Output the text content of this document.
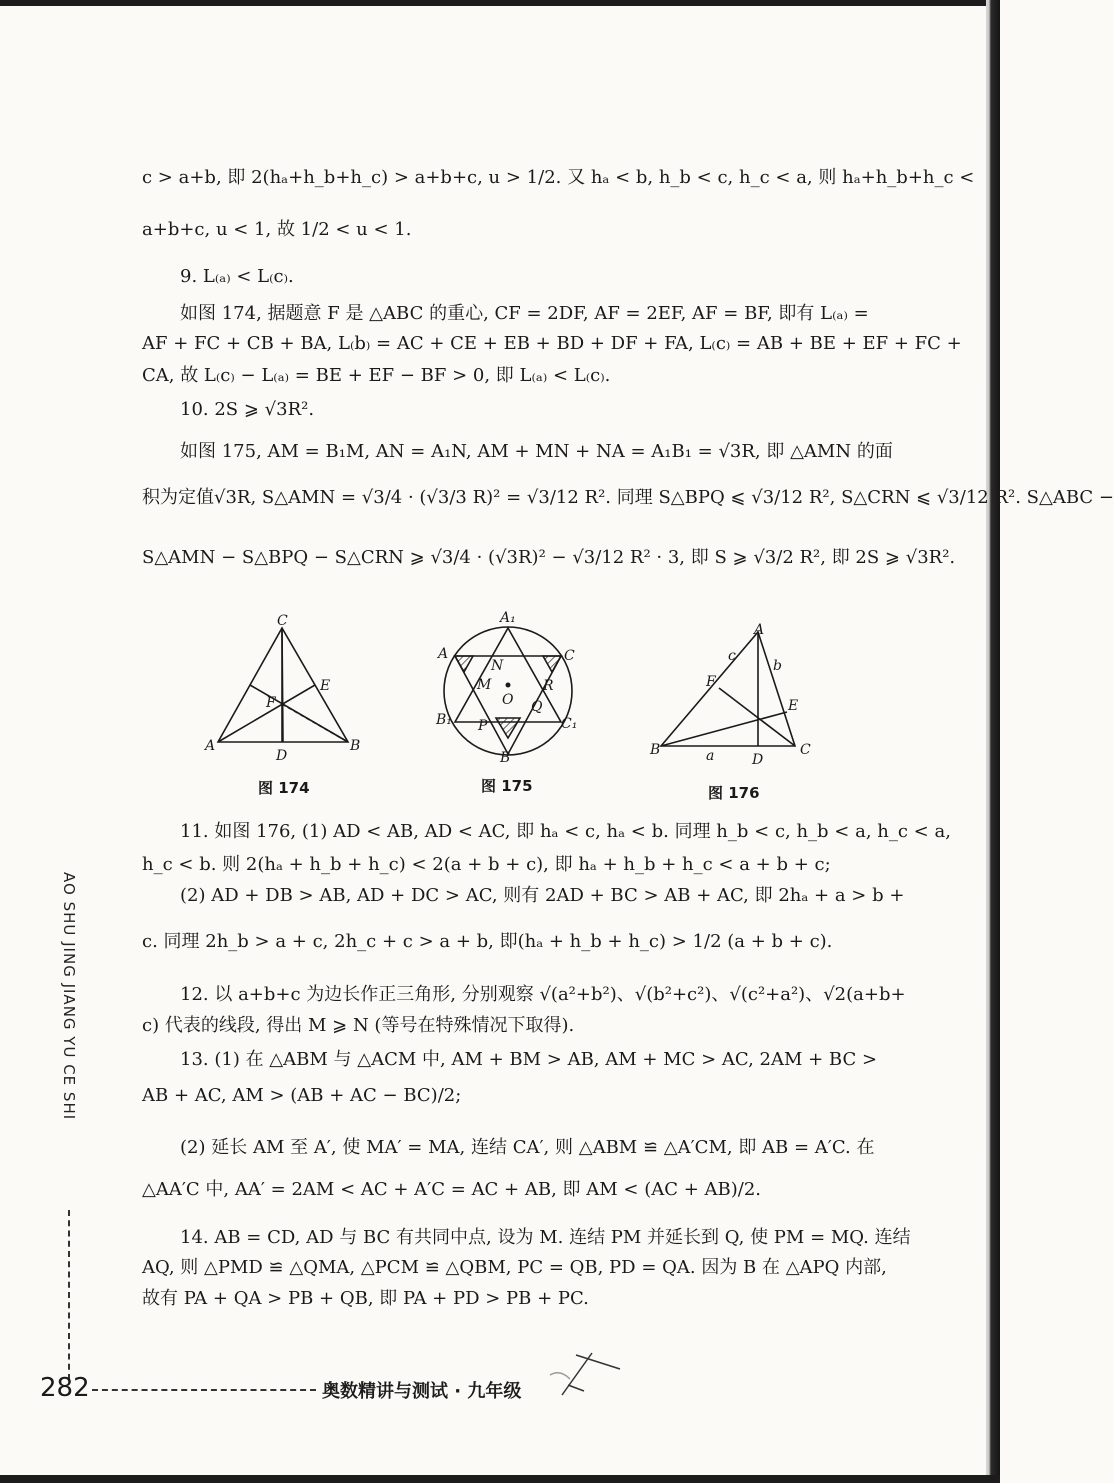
c > a+b, 即 2(hₐ+h_b+h_c) > a+b+c, u > 1/2. 又 hₐ < b, h_b < c, h_c < a, 则 hₐ+h_b+h_c <
a+b+c, u < 1, 故 1/2 < u < 1.
9. L₍ₐ₎ < L₍c₎.
如图 174, 据题意 F 是 △ABC 的重心, CF = 2DF, AF = 2EF, AF = BF, 即有 L₍ₐ₎ =
AF + FC + CB + BA, L₍b₎ = AC + CE + EB + BD + DF + FA, L₍c₎ = AB + BE + EF + FC +
CA, 故 L₍c₎ − L₍ₐ₎ = BE + EF − BF > 0, 即 L₍ₐ₎ < L₍c₎.
10. 2S ⩾ √3R².
如图 175, AM = B₁M, AN = A₁N, AM + MN + NA = A₁B₁ = √3R, 即 △AMN 的面
积为定值√3R, S△AMN = √3/4 · (√3/3 R)² = √3/12 R². 同理 S△BPQ ⩽ √3/12 R², S△CRN ⩽ √3/12 R². S△ABC −
S△AMN − S△BPQ − S△CRN ⩾ √3/4 · (√3R)² − √3/12 R² · 3, 即 S ⩾ √3/2 R², 即 2S ⩾ √3R².
C
E
F
A
D
B
图 174
A₁
A	C
N
M
O
R
Q
P
B₁	C₁
B
图 175
A
c
b
F
E
B	a	D
C
图 176
11. 如图 176, (1) AD < AB, AD < AC, 即 hₐ < c, hₐ < b. 同理 h_b < c, h_b < a, h_c < a,
h_c < b. 则 2(hₐ + h_b + h_c) < 2(a + b + c), 即 hₐ + h_b + h_c < a + b + c;
(2) AD + DB > AB, AD + DC > AC, 则有 2AD + BC > AB + AC, 即 2hₐ + a > b +
c. 同理 2h_b > a + c, 2h_c + c > a + b, 即(hₐ + h_b + h_c) > 1/2 (a + b + c).
12. 以 a+b+c 为边长作正三角形, 分别观察 √(a²+b²)、√(b²+c²)、√(c²+a²)、√2(a+b+
c) 代表的线段, 得出 M ⩾ N (等号在特殊情况下取得).
13. (1) 在 △ABM 与 △ACM 中, AM + BM > AB, AM + MC > AC, 2AM + BC >
AB + AC, AM > (AB + AC − BC)/2;
(2) 延长 AM 至 A′, 使 MA′ = MA, 连结 CA′, 则 △ABM ≌ △A′CM, 即 AB = A′C. 在
△AA′C 中, AA′ = 2AM < AC + A′C = AC + AB, 即 AM < (AC + AB)/2.
14. AB = CD, AD 与 BC 有共同中点, 设为 M. 连结 PM 并延长到 Q, 使 PM = MQ. 连结
AQ, 则 △PMD ≌ △QMA, △PCM ≌ △QBM, PC = QB, PD = QA. 因为 B 在 △APQ 内部,
故有 PA + QA > PB + QB, 即 PA + PD > PB + PC.
AO SHU JING JIANG YU CE SHI
282	奥数精讲与测试 · 九年级
